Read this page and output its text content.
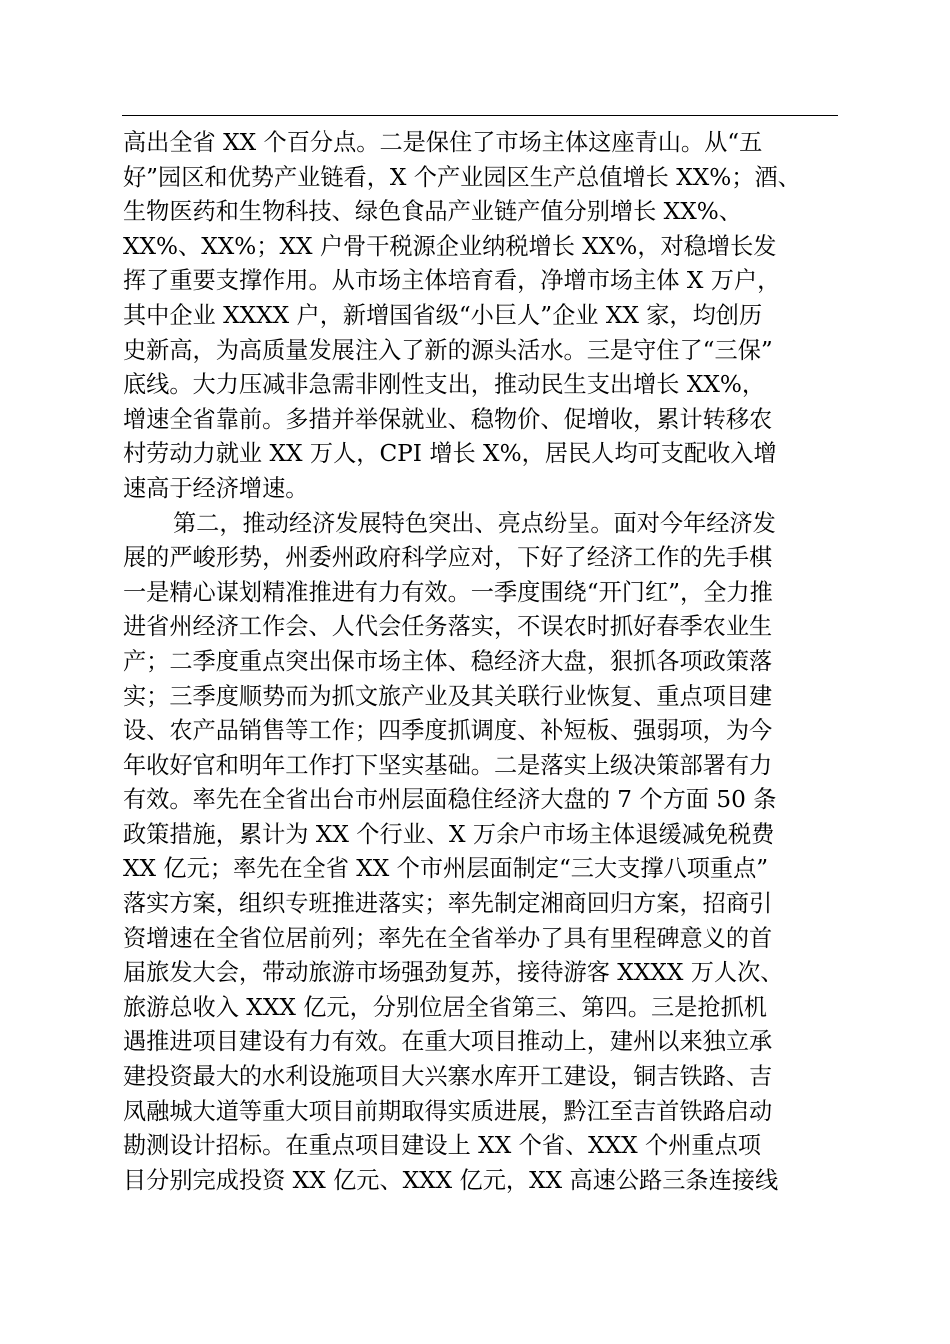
高出全省 XX 个百分点。二是保住了市场主体这座青山。从“五
好”园区和优势产业链看，X 个产业园区生产总值增长 XX%；酒、
生物医药和生物科技、绿色食品产业链产值分别增长 XX%、
XX%、XX%；XX 户骨干税源企业纳税增长 XX%，对稳增长发
挥了重要支撑作用。从市场主体培育看，净增市场主体 X 万户，
其中企业 XXXX 户，新增国省级“小巨人”企业 XX 家，均创历
史新高，为高质量发展注入了新的源头活水。三是守住了“三保”
底线。大力压减非急需非刚性支出，推动民生支出增长 XX%，
增速全省靠前。多措并举保就业、稳物价、促增收，累计转移农
村劳动力就业 XX 万人，CPI 增长 X%，居民人均可支配收入增
速高于经济增速。
第二，推动经济发展特色突出、亮点纷呈。面对今年经济发
展的严峻形势，州委州政府科学应对，下好了经济工作的先手棋
一是精心谋划精准推进有力有效。一季度围绕“开门红”，全力推
进省州经济工作会、人代会任务落实，不误农时抓好春季农业生
产；二季度重点突出保市场主体、稳经济大盘，狠抓各项政策落
实；三季度顺势而为抓文旅产业及其关联行业恢复、重点项目建
设、农产品销售等工作；四季度抓调度、补短板、强弱项，为今
年收好官和明年工作打下坚实基础。二是落实上级决策部署有力
有效。率先在全省出台市州层面稳住经济大盘的 7 个方面 50 条
政策措施，累计为 XX 个行业、X 万余户市场主体退缓减免税费
XX 亿元；率先在全省 XX 个市州层面制定“三大支撑八项重点”
落实方案，组织专班推进落实；率先制定湘商回归方案，招商引
资增速在全省位居前列；率先在全省举办了具有里程碑意义的首
届旅发大会，带动旅游市场强劲复苏，接待游客 XXXX 万人次、
旅游总收入 XXX 亿元，分别位居全省第三、第四。三是抢抓机
遇推进项目建设有力有效。在重大项目推动上，建州以来独立承
建投资最大的水利设施项目大兴寨水库开工建设，铜吉铁路、吉
凤融城大道等重大项目前期取得实质进展，黔江至吉首铁路启动
勘测设计招标。在重点项目建设上 XX 个省、XXX 个州重点项
目分别完成投资 XX 亿元、XXX 亿元，XX 高速公路三条连接线
